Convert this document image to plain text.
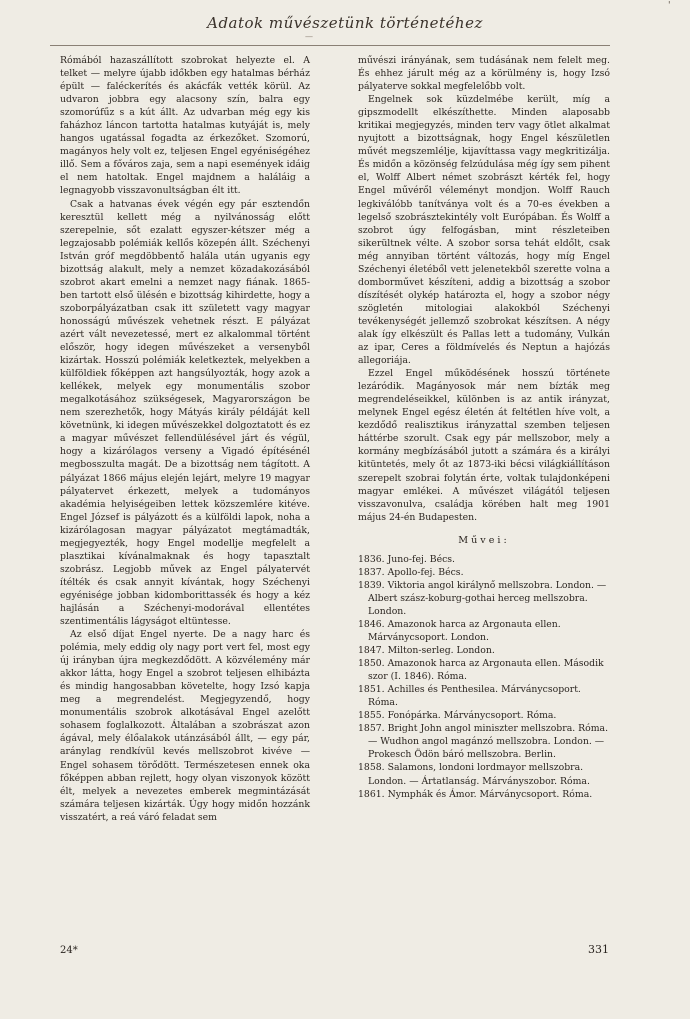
'
Adatok művészetünk történetéhez
—

Rómából hazaszállított szobrokat helyezte el. A telket — melyre újabb időkben egy hatalmas bérház épült — faléckerítés és akácfák vették körül. Az udvaron jobbra egy alacsony szín, balra egy szomorúfűz s a kút állt. Az udvarban még egy kis faházhoz láncon tartotta hatalmas kutyáját is, mely hangos ugatással fogadta az érkezőket. Szomorú, magányos hely volt ez, teljesen Engel egyéniségéhez illő. Sem a főváros zaja, sem a napi események idáig el nem hatoltak. Engel majdnem a haláláig a legnagyobb visszavonultságban élt itt.

Csak a hatvanas évek végén egy pár esztendőn keresztül kellett még a nyilvánosság előtt szerepelnie, sőt ezalatt egyszer-kétszer még a legzajosabb polémiák kellős közepén állt. Széchenyi István gróf megdöbbentő halála után ugyanis egy bizottság alakult, mely a nemzet közadakozásából szobrot akart emelni a nemzet nagy fiának. 1865-ben tartott első ülésén e bizottság kihirdette, hogy a szoborpályázatban csak itt született vagy magyar honosságú művészek vehetnek részt. E pályázat azért vált nevezetessé, mert ez alkalommal történt először, hogy idegen művészeket a versenyből kizártak. Hosszú polémiák keletkeztek, melyekben a külföldiek főképpen azt hangsúlyozták, hogy azok a kellékek, melyek egy monumentális szobor megalkotásához szükségesek, Magyarországon be nem szerezhetők, hogy Mátyás király példáját kell követnünk, ki idegen művészekkel dolgoztatott és ez a magyar művészet fellendülésével járt és végül, hogy a kizárólagos verseny a Vigadó építésénél megbosszulta magát. De a bizottság nem tágított. A pályázat 1866 május elején lejárt, melyre 19 magyar pályatervet érkezett, melyek a tudományos akadémia helyiségeiben lettek közszemlére kitéve. Engel József is pályázott és a külföldi lapok, noha a kizárólagosan magyar pályázatot megtámadták, megjegyezték, hogy Engel modellje megfelelt a plasztikai kívánalmaknak és hogy tapasztalt szobrász. Legjobb művek az Engel pályatervét ítélték és csak annyit kívántak, hogy Széchenyi egyénisége jobban kidomborittassék és hogy a kéz hajlásán a Széchenyi-modorával ellentétes szentimentális lágyságot eltüntesse.

Az első díjat Engel nyerte. De a nagy harc és polémia, mely eddig oly nagy port vert fel, most egy új irányban újra megkezdődött. A közvélemény már akkor látta, hogy Engel a szobrot teljesen elhibázta és mindig hangosabban követelte, hogy Izsó kapja meg a megrendelést. Megjegyzendő, hogy monumentális szobrok alkotásával Engel azelőtt sohasem foglalkozott. Általában a szobrászat azon ágával, mely élőalakok utánzásából állt, — egy pár, aránylag rendkívül kevés mellszobrot kivéve — Engel sohasem törődött. Természetesen ennek oka főképpen abban rejlett, hogy olyan viszonyok között élt, melyek a nevezetes emberek megmintázását számára teljesen kizárták. Úgy hogy midőn hozzánk visszatért, a reá váró feladat sem

művészi irányának, sem tudásának nem felelt meg. És ehhez járult még az a körülmény is, hogy Izsó pályaterve sokkal megfelelőbb volt.

Engelnek sok küzdelmébe került, míg a gipszmodellt elkészíthette. Minden alaposabb kritikai megjegyzés, minden terv vagy ötlet alkalmat nyujtott a bizottságnak, hogy Engel készületlen művét megszemlélje, kijavíttassa vagy megkritizálja. És midőn a közönség felzúdulása még így sem pihent el, Wolff Albert német szobrászt kérték fel, hogy Engel művéről véleményt mondjon. Wolff Rauch legkiválóbb tanítványa volt és a 70-es években a legelső szobrásztekintély volt Európában. És Wolff a szobrot úgy felfogásban, mint részleteiben sikerültnek vélte. A szobor sorsa tehát eldőlt, csak még annyiban történt változás, hogy míg Engel Széchenyi életéből vett jelenetekből szerette volna a domborművet készíteni, addig a bizottság a szobor díszítését olykép határozta el, hogy a szobor négy szögletén mitologiai alakokból Széchenyi tevékenységét jellemző szobrokat készítsen. A négy alak így elkészült és Pallas lett a tudomány, Vulkán az ipar, Ceres a földmívelés és Neptun a hajózás allegoriája.

Ezzel Engel működésének hosszú története lezáródik. Magányosok már nem bízták meg megrendeléseikkel, különben is az antik irányzat, melynek Engel egész életén át feltétlen híve volt, a kezdődő realisztikus irányzattal szemben teljesen háttérbe szorult. Csak egy pár mellszobor, mely a kormány megbízásából jutott a számára és a királyi kitüntetés, mely őt az 1873-iki bécsi világkiállításon szerepelt szobrai folytán érte, voltak tulajdonképeni magyar emlékei. A művészet világától teljesen visszavonulva, családja körében halt meg 1901 május 24-én Budapesten.

Művei:

1836. Juno-fej. Bécs.

1837. Apollo-fej. Bécs.

1839. Viktoria angol királynő mellszobra. London. — Albert szász-koburg-gothai herceg mellszobra. London.

1846. Amazonok harca az Argonauta ellen. Márványcsoport. London.

1847. Milton-serleg. London.

1850. Amazonok harca az Argonauta ellen. Második szor (I. 1846). Róma.

1851. Achilles és Penthesilea. Márványcsoport. Róma.

1855. Fonópárka. Márványcsoport. Róma.

1857. Bright John angol miniszter mellszobra. Róma. — Wudhon angol magánzó mellszobra. London. — Prokesch Ödön báró mellszobra. Berlin.

1858. Salamons, londoni lordmayor mellszobra. London. — Ártatlanság. Márványszobor. Róma.

1861. Nymphák és Ámor. Márványcsoport. Róma.

24*	331
